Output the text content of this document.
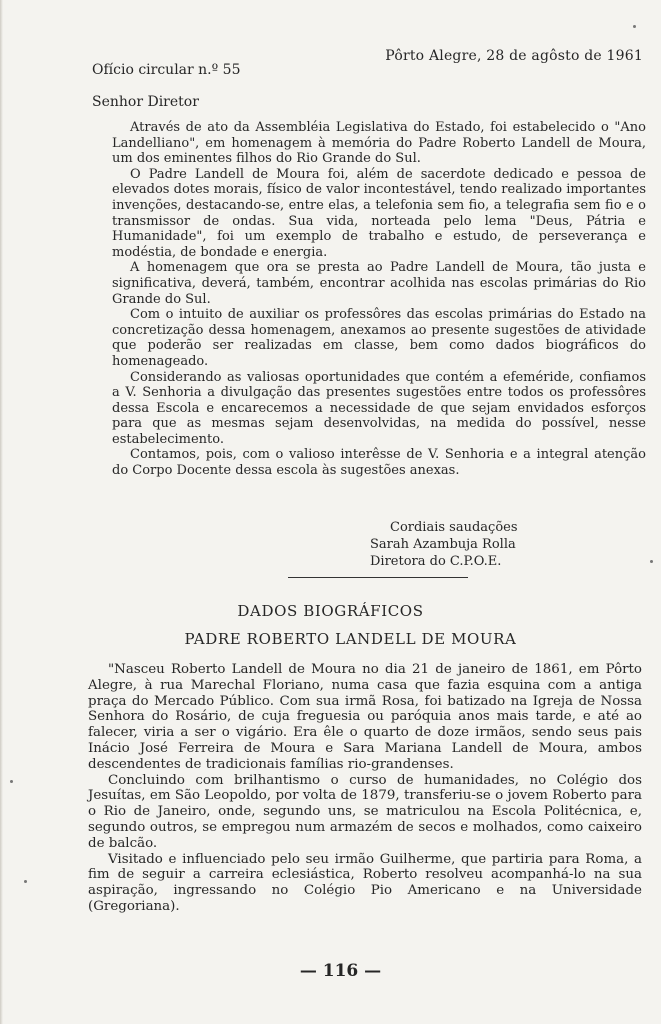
Pôrto Alegre, 28 de agôsto de 1961
Ofício circular n.º 55
Senhor Diretor

Através de ato da Assembléia Legislativa do Estado, foi estabelecido o "Ano Landelliano", em homenagem à memória do Padre Roberto Landell de Moura, um dos eminentes filhos do Rio Grande do Sul.

O Padre Landell de Moura foi, além de sacerdote dedicado e pessoa de elevados dotes morais, físico de valor incontestável, tendo realizado importantes invenções, destacando-se, entre elas, a telefonia sem fio, a telegrafia sem fio e o transmissor de ondas. Sua vida, norteada pelo lema "Deus, Pátria e Humanidade", foi um exemplo de trabalho e estudo, de perseverança e modéstia, de bondade e energia.

A homenagem que ora se presta ao Padre Landell de Moura, tão justa e significativa, deverá, também, encontrar acolhida nas escolas primárias do Rio Grande do Sul.

Com o intuito de auxiliar os professôres das escolas primárias do Estado na concretização dessa homenagem, anexamos ao presente sugestões de atividade que poderão ser realizadas em classe, bem como dados biográficos do homenageado.

Considerando as valiosas oportunidades que contém a efeméride, confiamos a V. Senhoria a divulgação das presentes sugestões entre todos os professôres dessa Escola e encarecemos a necessidade de que sejam envidados esforços para que as mesmas sejam desenvolvidas, na medida do possível, nesse estabelecimento.

Contamos, pois, com o valioso interêsse de V. Senhoria e a integral atenção do Corpo Docente dessa escola às sugestões anexas.

Cordiais saudações
Sarah Azambuja Rolla
Diretora do C.P.O.E.
DADOS BIOGRÁFICOS
PADRE ROBERTO LANDELL DE MOURA

"Nasceu Roberto Landell de Moura no dia 21 de janeiro de 1861, em Pôrto Alegre, à rua Marechal Floriano, numa casa que fazia esquina com a antiga praça do Mercado Público. Com sua irmã Rosa, foi batizado na Igreja de Nossa Senhora do Rosário, de cuja freguesia ou paróquia anos mais tarde, e até ao falecer, viria a ser o vigário. Era êle o quarto de doze irmãos, sendo seus pais Inácio José Ferreira de Moura e Sara Mariana Landell de Moura, ambos descendentes de tradicionais famílias rio-grandenses.

Concluindo com brilhantismo o curso de humanidades, no Colégio dos Jesuítas, em São Leopoldo, por volta de 1879, transferiu-se o jovem Roberto para o Rio de Janeiro, onde, segundo uns, se matriculou na Escola Politécnica, e, segundo outros, se empregou num armazém de secos e molhados, como caixeiro de balcão.

Visitado e influenciado pelo seu irmão Guilherme, que partiria para Roma, a fim de seguir a carreira eclesiástica, Roberto resolveu acompanhá-lo na sua aspiração, ingressando no Colégio Pio Americano e na Universidade (Gregoriana).

— 116 —
